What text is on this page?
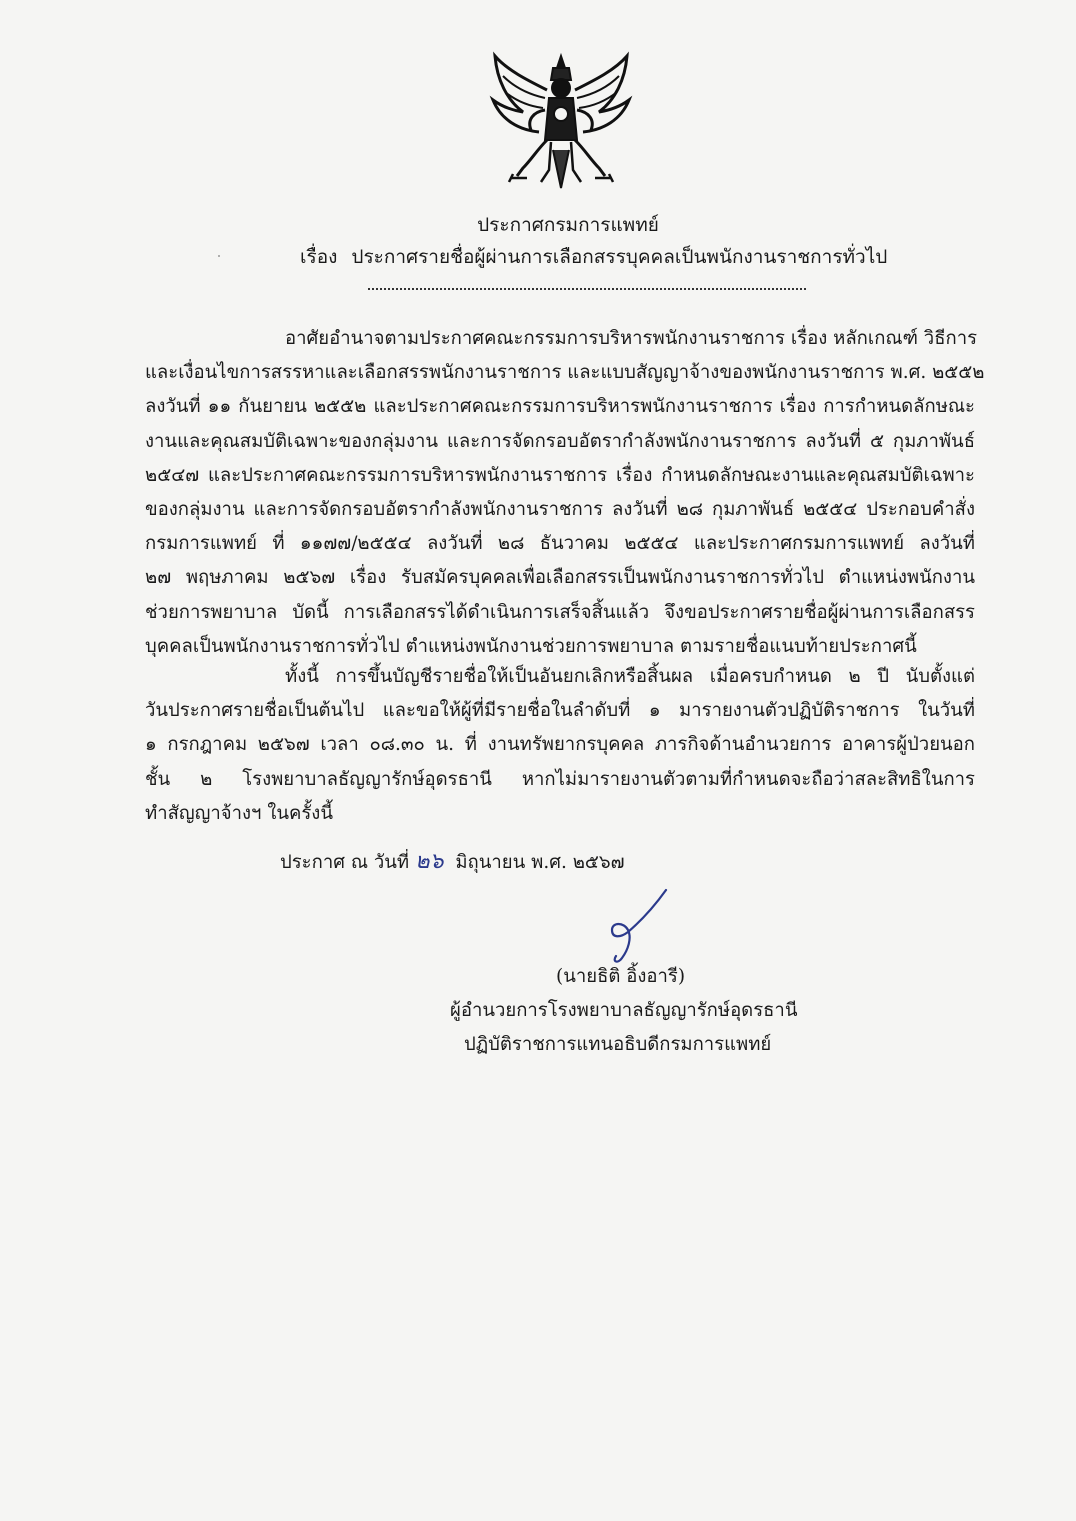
ประกาศกรมการแพทย์
เรื่อง ประกาศรายชื่อผู้ผ่านการเลือกสรรบุคคลเป็นพนักงานราชการทั่วไป
อาศัยอำนาจตามประกาศคณะกรรมการบริหารพนักงานราชการ เรื่อง หลักเกณฑ์ วิธีการ
และเงื่อนไขการสรรหาและเลือกสรรพนักงานราชการ และแบบสัญญาจ้างของพนักงานราชการ พ.ศ. ๒๕๕๒
ลงวันที่ ๑๑ กันยายน ๒๕๕๒ และประกาศคณะกรรมการบริหารพนักงานราชการ เรื่อง การกำหนดลักษณะ
งานและคุณสมบัติเฉพาะของกลุ่มงาน และการจัดกรอบอัตรากำลังพนักงานราชการ ลงวันที่ ๕ กุมภาพันธ์
๒๕๔๗ และประกาศคณะกรรมการบริหารพนักงานราชการ เรื่อง กำหนดลักษณะงานและคุณสมบัติเฉพาะ
ของกลุ่มงาน และการจัดกรอบอัตรากำลังพนักงานราชการ ลงวันที่ ๒๘ กุมภาพันธ์ ๒๕๕๔ ประกอบคำสั่ง
กรมการแพทย์ ที่ ๑๑๗๗/๒๕๕๔ ลงวันที่ ๒๘ ธันวาคม ๒๕๕๔ และประกาศกรมการแพทย์ ลงวันที่
๒๗ พฤษภาคม ๒๕๖๗ เรื่อง รับสมัครบุคคลเพื่อเลือกสรรเป็นพนักงานราชการทั่วไป ตำแหน่งพนักงาน
ช่วยการพยาบาล บัดนี้ การเลือกสรรได้ดำเนินการเสร็จสิ้นแล้ว จึงขอประกาศรายชื่อผู้ผ่านการเลือกสรร
บุคคลเป็นพนักงานราชการทั่วไป ตำแหน่งพนักงานช่วยการพยาบาล ตามรายชื่อแนบท้ายประกาศนี้
ทั้งนี้ การขึ้นบัญชีรายชื่อให้เป็นอันยกเลิกหรือสิ้นผล เมื่อครบกำหนด ๒ ปี นับตั้งแต่
วันประกาศรายชื่อเป็นต้นไป และขอให้ผู้ที่มีรายชื่อในลำดับที่ ๑ มารายงานตัวปฏิบัติราชการ ในวันที่
๑ กรกฎาคม ๒๕๖๗ เวลา ๐๘.๓๐ น. ที่ งานทรัพยากรบุคคล ภารกิจด้านอำนวยการ อาคารผู้ป่วยนอก
ชั้น ๒ โรงพยาบาลธัญญารักษ์อุดรธานี หากไม่มารายงานตัวตามที่กำหนดจะถือว่าสละสิทธิในการ
ทำสัญญาจ้างฯ ในครั้งนี้
ประกาศ ณ วันที่ ๒๖ มิถุนายน พ.ศ. ๒๕๖๗
(นายธิติ อิ้งอารี)
ผู้อำนวยการโรงพยาบาลธัญญารักษ์อุดรธานี
ปฏิบัติราชการแทนอธิบดีกรมการแพทย์
